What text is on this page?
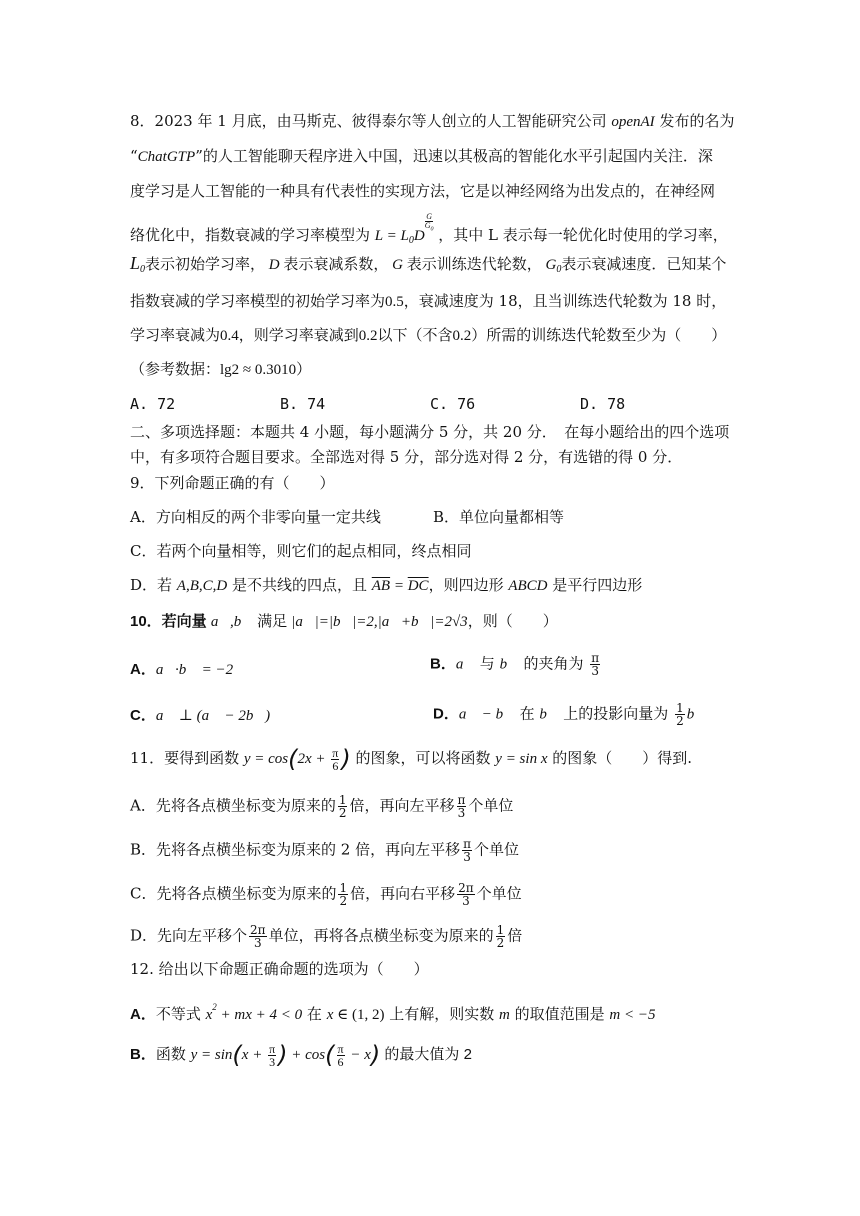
8．2023 年 1 月底，由马斯克、彼得泰尔等人创立的人工智能研究公司 openAI 发布的名为
“ChatGTP”的人工智能聊天程序进入中国，迅速以其极高的智能化水平引起国内关注．深
度学习是人工智能的一种具有代表性的实现方法，它是以神经网络为出发点的，在神经网
络优化中，指数衰减的学习率模型为 $L = L_0D$
$\frac{G}{G_0}$
，其中 L 表示每一轮优化时使用的学习率，
$L_0$表示初始学习率， D 表示衰减系数， G 表示训练迭代轮数， $G_0$表示衰减速度．已知某个
指数衰减的学习率模型的初始学习率为0.5，衰减速度为 18，且当训练迭代轮数为 18 时，
学习率衰减为0.4，则学习率衰减到0.2以下（不含0.2）所需的训练迭代轮数至少为（　　）
（参考数据：lg2 ≈ 0.3010）
A. 72	B. 74	C. 76	D. 78
二、多项选择题：本题共 4 小题，每小题满分 5 分，共 20 分．　在每小题给出的四个选项
中，有多项符合题目要求。全部选对得 5 分，部分选对得 2 分，有选错的得 0 分．
9．下列命题正确的有（　　）
A．方向相反的两个非零向量一定共线	B．单位向量都相等
C．若两个向量相等，则它们的起点相同，终点相同
D．若 A,B,C,D 是不共线的四点，且 $\overline{AB} = \overline{DC}$，则四边形 ABCD 是平行四边形
10．若向量 a⃗,b⃗ 满足 |a⃗|=|b⃗|=2,|a⃗+b⃗|=2√3，则（　　）
A．a⃗·b⃗ = −2	B．a⃗ 与 b⃗ 的夹角为 $\frac{\pi}{3}$
C．a⃗ ⊥ (a⃗ − 2b⃗)	D．a⃗ − b⃗ 在 b⃗ 上的投影向量为 $\frac{1}{2}$ b⃗
11．要得到函数 $y = \cos(2x + \frac{\pi}{6}$ ) 的图象，可以将函数 y = sin x 的图象（　　）得到.
A．先将各点横坐标变为原来的 $\frac{1}{2}$ 倍，再向左平移 $\frac{\pi}{3}$ 个单位
B．先将各点横坐标变为原来的 2 倍，再向左平移 $\frac{\pi}{3}$ 个单位
C．先将各点横坐标变为原来的 $\frac{1}{2}$ 倍，再向右平移 $\frac{2\pi}{3}$ 个单位
D．先向左平移个 $\frac{2\pi}{3}$ 单位，再将各点横坐标变为原来的 $\frac{1}{2}$ 倍
12. 给出以下命题正确命题的选项为（　　）
A．不等式 $x^2$ + mx + 4 < 0 在 x ∈ (1, 2) 上有解，则实数 m 的取值范围是 m < −5
B．函数 $y = \sin(x + \frac{\pi}{3}$ ) + $\cos( \frac{\pi}{6} - x)$ 的最大值为 2
